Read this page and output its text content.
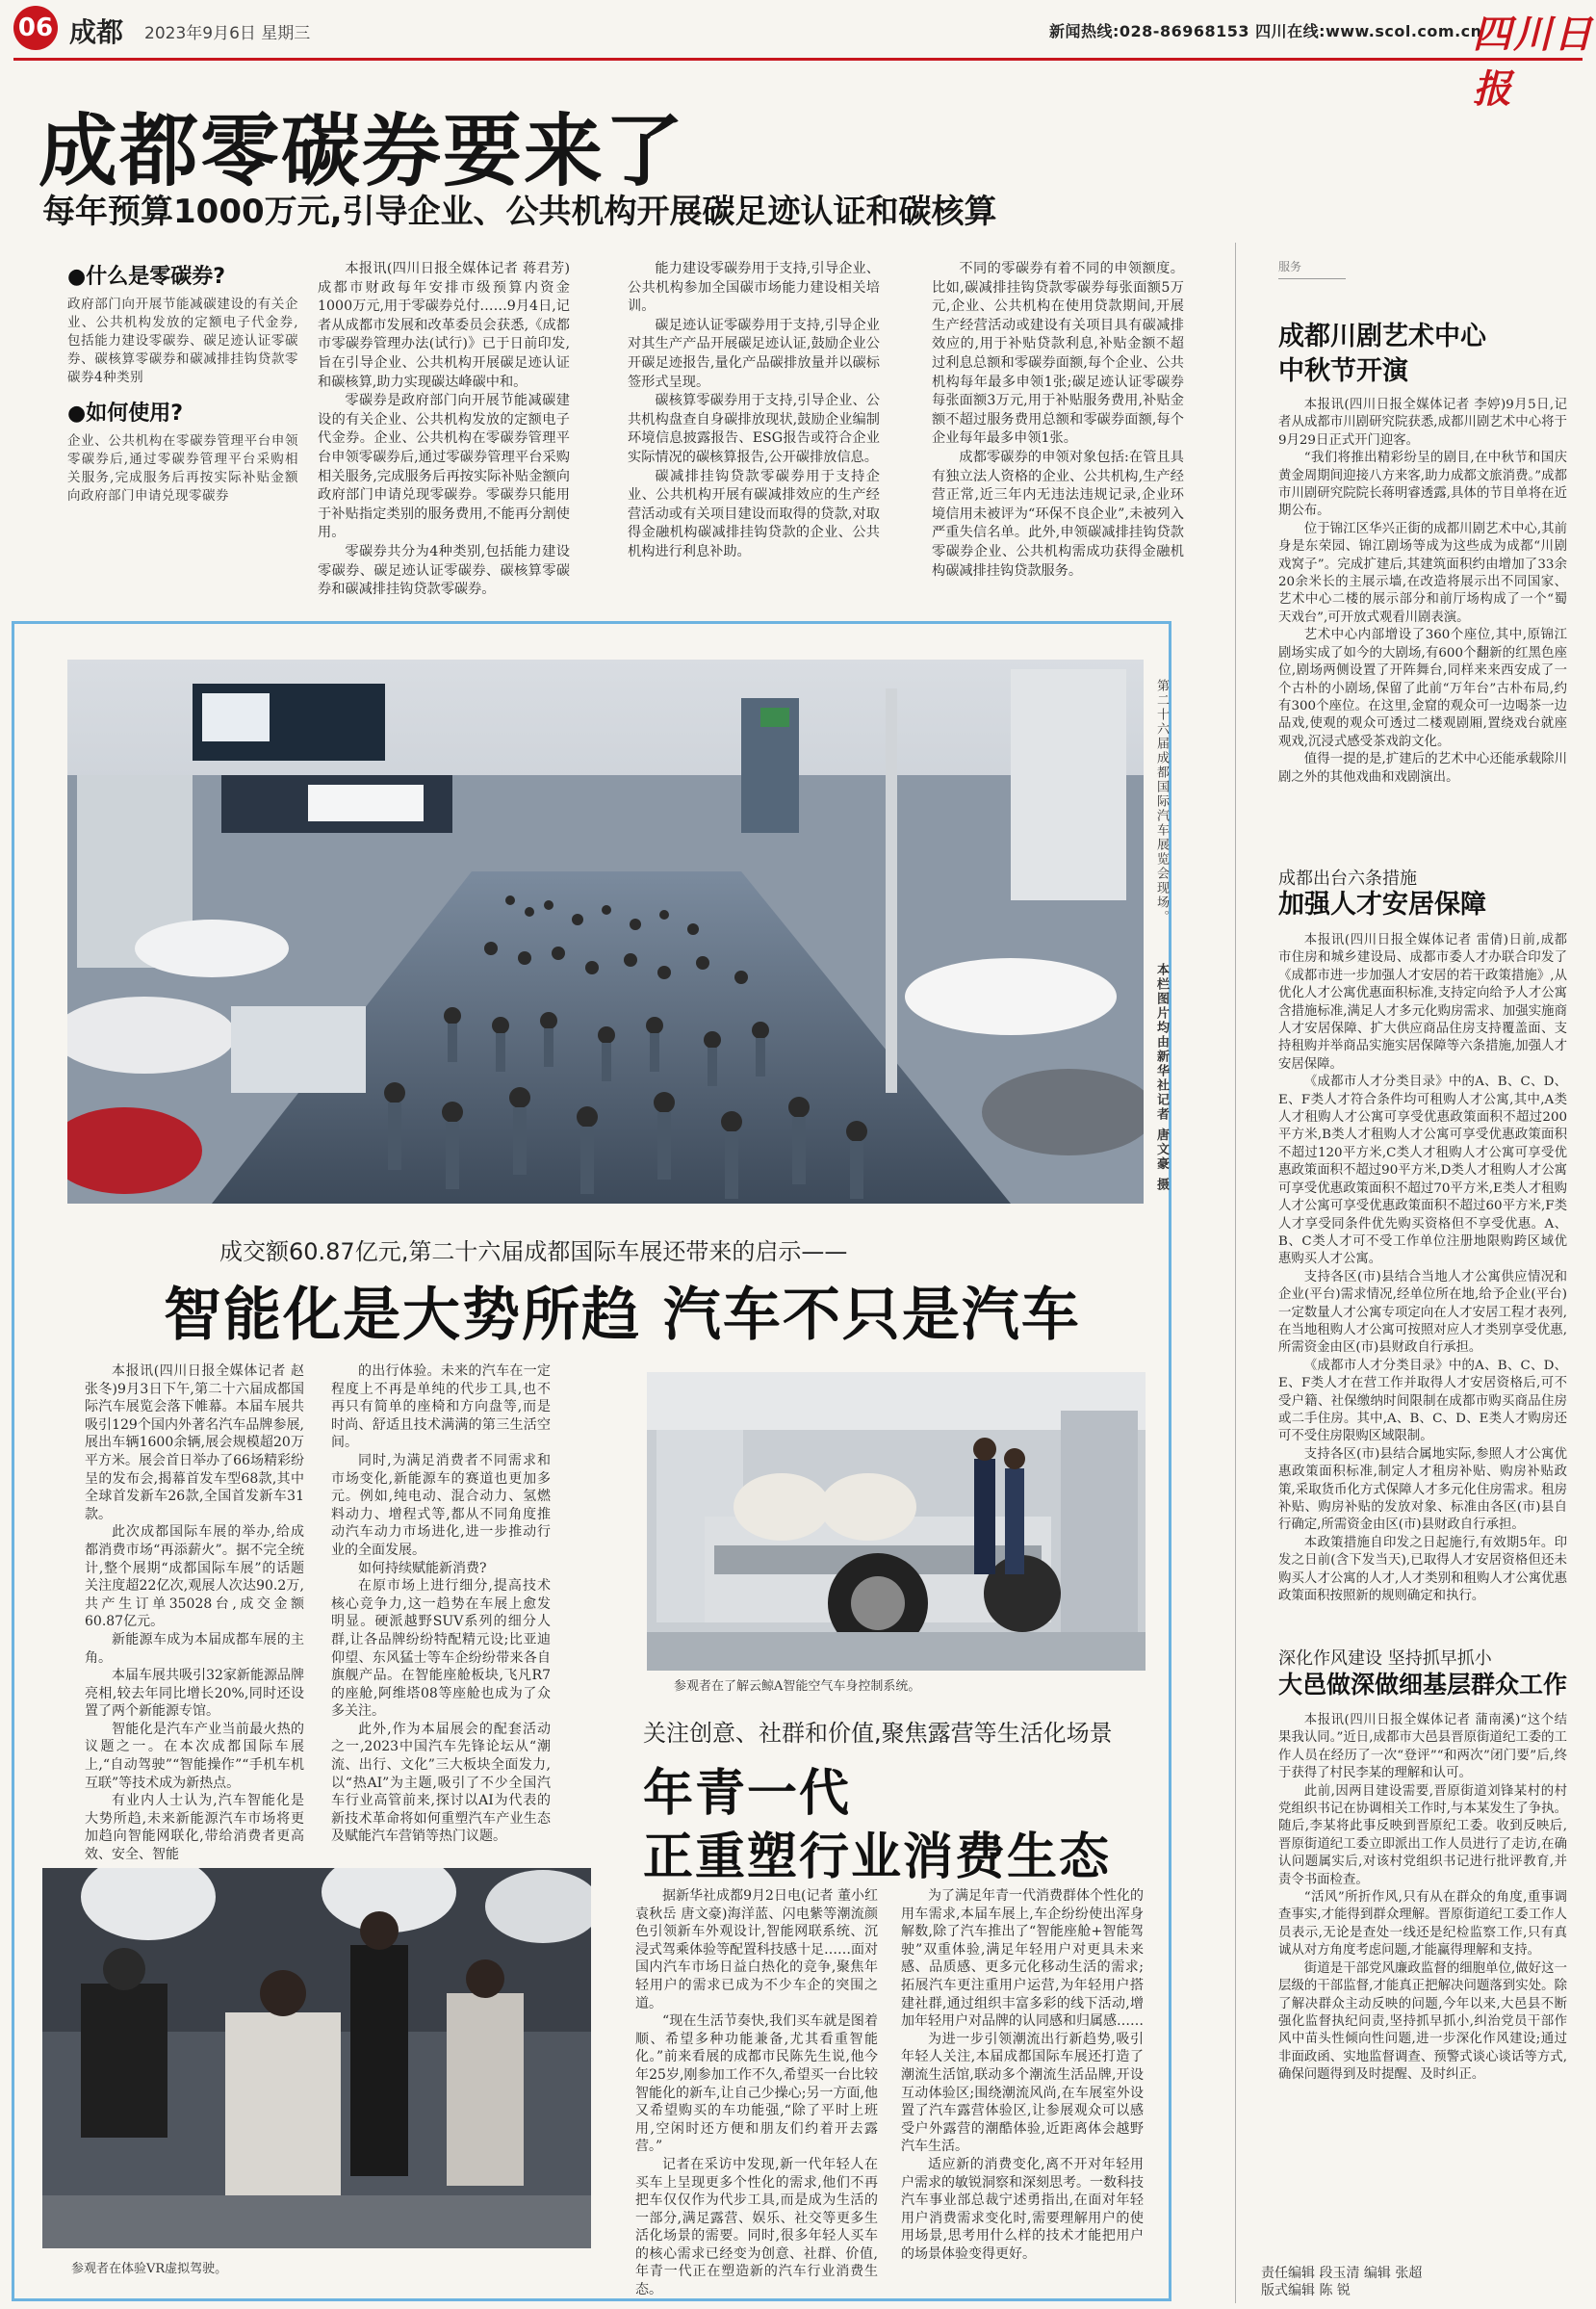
06 成都 2023年9月6日 星期三	新闻热线:028-86968153 四川在线:www.scol.com.cn
四川日报
成都零碳券要来了
每年预算1000万元,引导企业、公共机构开展碳足迹认证和碳核算
●什么是零碳券?
政府部门向开展节能减碳建设的有关企业、公共机构发放的定额电子代金券,包括能力建设零碳券、碳足迹认证零碳券、碳核算零碳券和碳减排挂钩贷款零碳券4种类别
●如何使用?
企业、公共机构在零碳券管理平台申领零碳券后,通过零碳券管理平台采购相关服务,完成服务后再按实际补贴金额向政府部门申请兑现零碳券

本报讯(四川日报全媒体记者 蒋君芳)成都市财政每年安排市级预算内资金1000万元,用于零碳券兑付……9月4日,记者从成都市发展和改革委员会获悉,《成都市零碳券管理办法(试行)》已于日前印发,旨在引导企业、公共机构开展碳足迹认证和碳核算,助力实现碳达峰碳中和。

零碳券是政府部门向开展节能减碳建设的有关企业、公共机构发放的定额电子代金券。企业、公共机构在零碳券管理平台申领零碳券后,通过零碳券管理平台采购相关服务,完成服务后再按实际补贴金额向政府部门申请兑现零碳券。零碳券只能用于补贴指定类别的服务费用,不能再分割使用。

零碳券共分为4种类别,包括能力建设零碳券、碳足迹认证零碳券、碳核算零碳券和碳减排挂钩贷款零碳券。

能力建设零碳券用于支持,引导企业、公共机构参加全国碳市场能力建设相关培训。

碳足迹认证零碳券用于支持,引导企业对其生产产品开展碳足迹认证,鼓励企业公开碳足迹报告,量化产品碳排放量并以碳标签形式呈现。

碳核算零碳券用于支持,引导企业、公共机构盘查自身碳排放现状,鼓励企业编制环境信息披露报告、ESG报告或符合企业实际情况的碳核算报告,公开碳排放信息。

碳减排挂钩贷款零碳券用于支持企业、公共机构开展有碳减排效应的生产经营活动或有关项目建设而取得的贷款,对取得金融机构碳减排挂钩贷款的企业、公共机构进行利息补助。

不同的零碳券有着不同的申领额度。比如,碳减排挂钩贷款零碳券每张面额5万元,企业、公共机构在使用贷款期间,开展生产经营活动或建设有关项目具有碳减排效应的,用于补贴贷款利息,补贴金额不超过利息总额和零碳券面额,每个企业、公共机构每年最多申领1张;碳足迹认证零碳券每张面额3万元,用于补贴服务费用,补贴金额不超过服务费用总额和零碳券面额,每个企业每年最多申领1张。

成都零碳券的申领对象包括:在管且具有独立法人资格的企业、公共机构,生产经营正常,近三年内无违法违规记录,企业环境信用未被评为“环保不良企业”,未被列入严重失信名单。此外,申领碳减排挂钩贷款零碳券企业、公共机构需成功获得金融机构碳减排挂钩贷款服务。

第二十六届成都国际汽车展览会现场。
本栏图片均由新华社记者 唐文豪 摄
成交额60.87亿元,第二十六届成都国际车展还带来的启示——
智能化是大势所趋 汽车不只是汽车

本报讯(四川日报全媒体记者 赵张冬)9月3日下午,第二十六届成都国际汽车展览会落下帷幕。本届车展共吸引129个国内外著名汽车品牌参展,展出车辆1600余辆,展会规模超20万平方米。展会首日举办了66场精彩纷呈的发布会,揭幕首发车型68款,其中全球首发新车26款,全国首发新车31款。

此次成都国际车展的举办,给成都消费市场“再添薪火”。据不完全统计,整个展期“成都国际车展”的话题关注度超22亿次,观展人次达90.2万,共产生订单35028台,成交金额60.87亿元。

新能源车成为本届成都车展的主角。

本届车展共吸引32家新能源品牌亮相,较去年同比增长20%,同时还设置了两个新能源专馆。

智能化是汽车产业当前最火热的议题之一。在本次成都国际车展上,“自动驾驶”“智能操作”“手机车机互联”等技术成为新热点。

有业内人士认为,汽车智能化是大势所趋,未来新能源汽车市场将更加趋向智能网联化,带给消费者更高效、安全、智能

的出行体验。未来的汽车在一定程度上不再是单纯的代步工具,也不再只有简单的座椅和方向盘等,而是时尚、舒适且技术满满的第三生活空间。

同时,为满足消费者不同需求和市场变化,新能源车的赛道也更加多元。例如,纯电动、混合动力、氢燃料动力、增程式等,都从不同角度推动汽车动力市场进化,进一步推动行业的全面发展。

如何持续赋能新消费?

在原市场上进行细分,提高技术核心竞争力,这一趋势在车展上愈发明显。硬派越野SUV系列的细分人群,让各品牌纷纷特配精元设;比亚迪仰望、东风猛士等车企纷纷带来各自旗舰产品。在智能座舱板块,飞凡R7的座舱,阿维塔08等座舱也成为了众多关注。

此外,作为本届展会的配套活动之一,2023中国汽车先锋论坛从“潮流、出行、文化”三大板块全面发力,以“热AI”为主题,吸引了不少全国汽车行业高管前来,探讨以AI为代表的新技术革命将如何重塑汽车产业生态及赋能汽车营销等热门议题。

参观者在了解云鲸A智能空气车身控制系统。
关注创意、社群和价值,聚焦露营等生活化场景
年青一代
正重塑行业消费生态
参观者在体验VR虚拟驾驶。

据新华社成都9月2日电(记者 董小红 袁秋岳 唐文豪)海洋蓝、闪电紫等潮流颜色引领新车外观设计,智能网联系统、沉浸式驾乘体验等配置科技感十足……面对国内汽车市场日益白热化的竞争,聚焦年轻用户的需求已成为不少车企的突围之道。

“现在生活节奏快,我们买车就是图着顺、希望多种功能兼备,尤其看重智能化。”前来看展的成都市民陈先生说,他今年25岁,刚参加工作不久,希望买一台比较智能化的新车,让自己少操心;另一方面,他又希望购买的车功能强,“除了平时上班用,空闲时还方便和朋友们约着开去露营。”

记者在采访中发现,新一代年轻人在买车上呈现更多个性化的需求,他们不再把车仅仅作为代步工具,而是成为生活的一部分,满足露营、娱乐、社交等更多生活化场景的需要。同时,很多年轻人买车的核心需求已经变为创意、社群、价值,年青一代正在塑造新的汽车行业消费生态。

为了满足年青一代消费群体个性化的用车需求,本届车展上,车企纷纷使出浑身解数,除了汽车推出了“智能座舱+智能驾驶”双重体验,满足年轻用户对更具未来感、品质感、更多元化移动生活的需求;拓展汽车更注重用户运营,为年轻用户搭建社群,通过组织丰富多彩的线下活动,增加年轻用户对品牌的认同感和归属感……

为进一步引领潮流出行新趋势,吸引年轻人关注,本届成都国际车展还打造了潮流生活馆,联动多个潮流生活品牌,开设互动体验区;围绕潮流风尚,在车展室外设置了汽车露营体验区,让参展观众可以感受户外露营的潮酷体验,近距离体会越野汽车生活。

适应新的消费变化,离不开对年轻用户需求的敏锐洞察和深刻思考。一数科技汽车事业部总裁宁述勇指出,在面对年轻用户消费需求变化时,需要理解用户的使用场景,思考用什么样的技术才能把用户的场景体验变得更好。

服务
成都川剧艺术中心
中秋节开演

本报讯(四川日报全媒体记者 李婷)9月5日,记者从成都市川剧研究院获悉,成都川剧艺术中心将于9月29日正式开门迎客。

“我们将推出精彩纷呈的剧目,在中秋节和国庆黄金周期间迎接八方来客,助力成都文旅消费。”成都市川剧研究院院长蒋明睿透露,具体的节目单将在近期公布。

位于锦江区华兴正街的成都川剧艺术中心,其前身是东荣园、锦江剧场等成为这些成为成都“川剧戏窝子”。完成扩建后,其建筑面积约由增加了33余20余米长的主展示墙,在改造将展示出不同国家、艺术中心二楼的展示部分和前厅场构成了一个“蜀天戏台”,可开放式观看川剧表演。

艺术中心内部增设了360个座位,其中,原锦江剧场实成了如今的大剧场,有600个翻新的红黑色座位,剧场两侧设置了开阵舞台,同样来来西安成了一个古朴的小剧场,保留了此前“万年台”古朴布局,约有300个座位。在这里,金窟的观众可一边喝茶一边品戏,使观的观众可透过二楼观剧厢,置绕戏台就座观戏,沉浸式感受茶戏韵文化。

值得一提的是,扩建后的艺术中心还能承载除川剧之外的其他戏曲和戏剧演出。

成都出台六条措施
加强人才安居保障

本报讯(四川日报全媒体记者 雷倩)日前,成都市住房和城乡建设局、成都市委人才办联合印发了《成都市进一步加强人才安居的若干政策措施》,从优化人才公寓优惠面积标准,支持定向给予人才公寓含措施标准,满足人才多元化购房需求、加强实施商人才安居保障、扩大供应商品住房支持覆盖面、支持租购并举商品实施实居保障等六条措施,加强人才安居保障。

《成都市人才分类目录》中的A、B、C、D、E、F类人才符合条件均可租购人才公寓,其中,A类人才租购人才公寓可享受优惠政策面积不超过200平方米,B类人才租购人才公寓可享受优惠政策面积不超过120平方米,C类人才租购人才公寓可享受优惠政策面积不超过90平方米,D类人才租购人才公寓可享受优惠政策面积不超过70平方米,E类人才租购人才公寓可享受优惠政策面积不超过60平方米,F类人才享受同条件优先购买资格但不享受优惠。A、B、C类人才可不受工作单位注册地限购跨区域优惠购买人才公寓。

支持各区(市)县结合当地人才公寓供应情况和企业(平台)需求情况,经单位所在地,给予企业(平台)一定数量人才公寓专项定向在人才安居工程才表列,在当地租购人才公寓可按照对应人才类别享受优惠,所需资金由区(市)县财政自行承担。

《成都市人才分类目录》中的A、B、C、D、E、F类人才在营工作并取得人才安居资格后,可不受户籍、社保缴纳时间限制在成都市购买商品住房或二手住房。其中,A、B、C、D、E类人才购房还可不受住房限购区域限制。

支持各区(市)县结合属地实际,参照人才公寓优惠政策面积标准,制定人才租房补贴、购房补贴政策,采取货币化方式保障人才多元化住房需求。租房补贴、购房补贴的发放对象、标准由各区(市)县自行确定,所需资金由区(市)县财政自行承担。

本政策措施自印发之日起施行,有效期5年。印发之日前(含下发当天),已取得人才安居资格但还未购买人才公寓的人才,人才类别和租购人才公寓优惠政策面积按照新的规则确定和执行。

深化作风建设 坚持抓早抓小
大邑做深做细基层群众工作

本报讯(四川日报全媒体记者 蒲南溪)“这个结果我认同。”近日,成都市大邑县晋原街道纪工委的工作人员在经历了一次“登评”“和两次”闭门要”后,终于获得了村民李某的理解和认可。

此前,因两目建设需要,晋原街道刘锋某村的村党组织书记在协调相关工作时,与本某发生了争执。随后,李某将此事反映到晋原纪工委。收到反映后,晋原街道纪工委立即派出工作人员进行了走访,在确认问题属实后,对该村党组织书记进行批评教育,并责令书面检查。

“活风”所折作风,只有从在群众的角度,重事调查事实,才能得到群众理解。晋原街道纪工委工作人员表示,无论是查处一线还是纪检监察工作,只有真诚从对方角度考虑问题,才能赢得理解和支持。

街道是干部党风廉政监督的细胞单位,做好这一层级的干部监督,才能真正把解决问题落到实处。除了解决群众主动反映的问题,今年以来,大邑县不断强化监督执纪问责,坚持抓早抓小,纠治党员干部作风中苗头性倾向性问题,进一步深化作风建设;通过非面政函、实地监督调查、预警式谈心谈话等方式,确保问题得到及时提醒、及时纠正。

责任编辑 段玉清 编辑 张超
版式编辑 陈 锐
